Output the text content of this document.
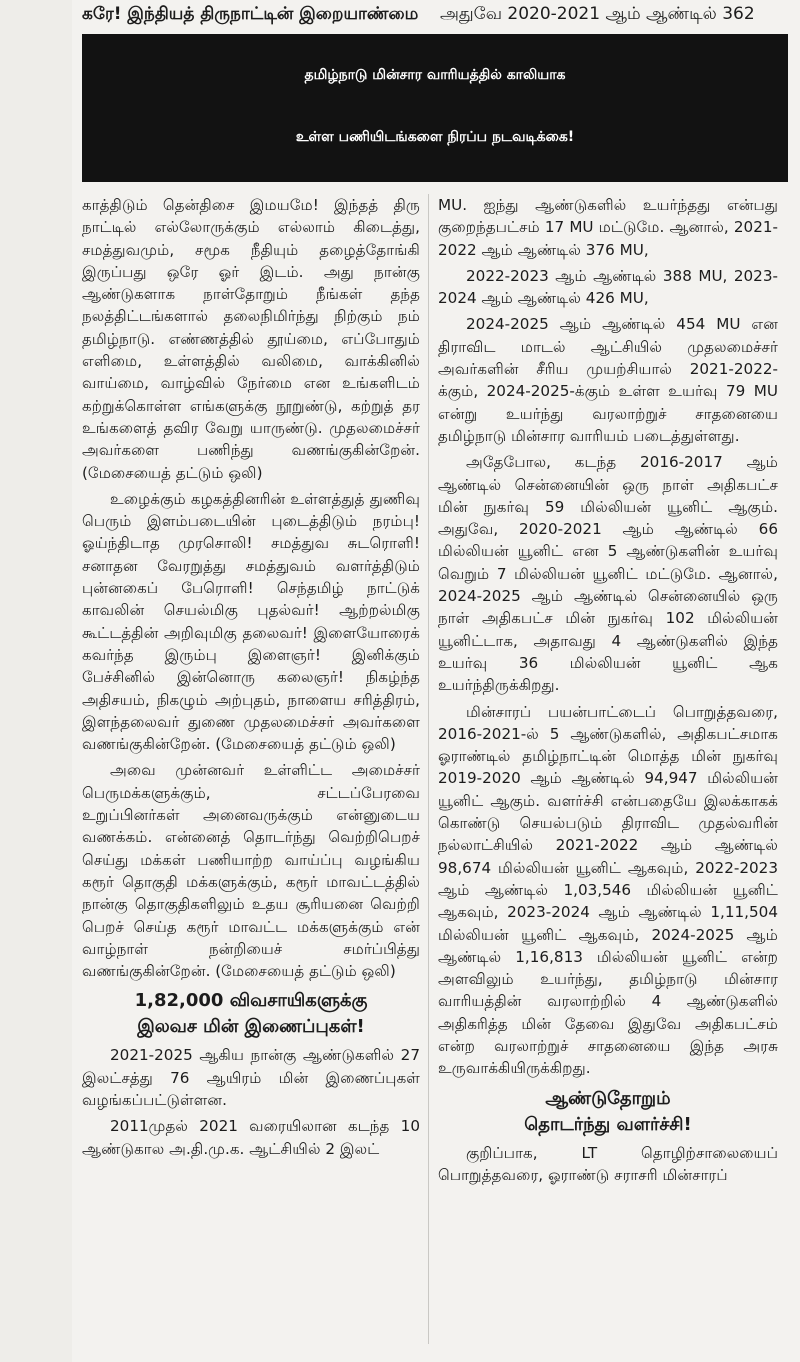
கரே! இந்தியத் திருநாட்டின் இறையாண்மை அதுவே 2020-2021 ஆம் ஆண்டில் 362
தமிழ்நாடு மின்சார வாரியத்தில் காலியாக
உள்ள பணியிடங்களை நிரப்ப நடவடிக்கை!

காத்திடும் தென்திசை இமயமே! இந்தத் திரு நாட்டில் எல்லோருக்கும் எல்லாம் கிடைத்து, சமத்துவமும், சமூக நீதியும் தழைத்தோங்கி இருப்பது ஒரே ஓர் இடம். அது நான்கு ஆண்டுகளாக நாள்தோறும் நீங்கள் தந்த நலத்திட்டங்களால் தலைநிமிர்ந்து நிற்கும் நம் தமிழ்நாடு. எண்ணத்தில் தூய்மை, எப்போதும் எளிமை, உள்ளத்தில் வலிமை, வாக்கினில் வாய்மை, வாழ்வில் நேர்மை என உங்களிடம் கற்றுக்கொள்ள எங்களுக்கு நூறுண்டு, கற்றுத் தர உங்களைத் தவிர வேறு யாருண்டு. முதலமைச்சர் அவர்களை பணிந்து வணங்குகின்றேன். (மேசையைத் தட்டும் ஒலி)

உழைக்கும் கழகத்தினரின் உள்ளத்துத் துணிவு பெரும் இளம்படையின் புடைத்திடும் நரம்பு! ஓய்ந்திடாத முரசொலி! சமத்துவ சுடரொளி! சனாதன வேரறுத்து சமத்துவம் வளர்த்திடும் புன்னகைப் பேரொளி! செந்தமிழ் நாட்டுக் காவலின் செயல்மிகு புதல்வர்! ஆற்றல்மிகு கூட்டத்தின் அறிவுமிகு தலைவர்! இளையோரைக் கவர்ந்த இரும்பு இளைஞர்! இனிக்கும் பேச்சினில் இன்னொரு கலைஞர்! நிகழ்ந்த அதிசயம், நிகழும் அற்புதம், நாளைய சரித்திரம், இளந்தலைவர் துணை முதலமைச்சர் அவர்களை வணங்குகின்றேன். (மேசையைத் தட்டும் ஒலி)

அவை முன்னவர் உள்ளிட்ட அமைச்சர் பெருமக்களுக்கும், சட்டப்பேரவை உறுப்பினர்கள் அனைவருக்கும் என்னுடைய வணக்கம். என்னைத் தொடர்ந்து வெற்றிபெறச் செய்து மக்கள் பணியாற்ற வாய்ப்பு வழங்கிய கரூர் தொகுதி மக்களுக்கும், கரூர் மாவட்டத்தில் நான்கு தொகுதிகளிலும் உதய சூரியனை வெற்றி பெறச் செய்த கரூர் மாவட்ட மக்களுக்கும் என் வாழ்நாள் நன்றியைச் சமர்ப்பித்து வணங்குகின்றேன். (மேசையைத் தட்டும் ஒலி)

1,82,000 விவசாயிகளுக்கு
இலவச மின் இணைப்புகள்!

2021-2025 ஆகிய நான்கு ஆண்டுகளில் 27 இலட்சத்து 76 ஆயிரம் மின் இணைப்புகள் வழங்கப்பட்டுள்ளன.

2011முதல் 2021 வரையிலான கடந்த 10 ஆண்டுகால அ.தி.மு.க. ஆட்சியில் 2 இலட்

MU. ஐந்து ஆண்டுகளில் உயர்ந்தது என்பது குறைந்தபட்சம் 17 MU மட்டுமே. ஆனால், 2021-2022 ஆம் ஆண்டில் 376 MU,

2022-2023 ஆம் ஆண்டில் 388 MU, 2023-2024 ஆம் ஆண்டில் 426 MU,

2024-2025 ஆம் ஆண்டில் 454 MU என திராவிட மாடல் ஆட்சியில் முதலமைச்சர் அவர்களின் சீரிய முயற்சியால் 2021-2022-க்கும், 2024-2025-க்கும் உள்ள உயர்வு 79 MU என்று உயர்ந்து வரலாற்றுச் சாதனையை தமிழ்நாடு மின்சார வாரியம் படைத்துள்ளது.

அதேபோல, கடந்த 2016-2017 ஆம் ஆண்டில் சென்னையின் ஒரு நாள் அதிகபட்ச மின் நுகர்வு 59 மில்லியன் யூனிட் ஆகும். அதுவே, 2020-2021 ஆம் ஆண்டில் 66 மில்லியன் யூனிட் என 5 ஆண்டுகளின் உயர்வு வெறும் 7 மில்லியன் யூனிட் மட்டுமே. ஆனால், 2024-2025 ஆம் ஆண்டில் சென்னையில் ஒரு நாள் அதிகபட்ச மின் நுகர்வு 102 மில்லியன் யூனிட்டாக, அதாவது 4 ஆண்டுகளில் இந்த உயர்வு 36 மில்லியன் யூனிட் ஆக உயர்ந்திருக்கிறது.

மின்சாரப் பயன்பாட்டைப் பொறுத்தவரை, 2016-2021-ல் 5 ஆண்டுகளில், அதிகபட்சமாக ஓராண்டில் தமிழ்நாட்டின் மொத்த மின் நுகர்வு 2019-2020 ஆம் ஆண்டில் 94,947 மில்லியன் யூனிட் ஆகும். வளர்ச்சி என்பதையே இலக்காகக் கொண்டு செயல்படும் திராவிட முதல்வரின் நல்லாட்சியில் 2021-2022 ஆம் ஆண்டில் 98,674 மில்லியன் யூனிட் ஆகவும், 2022-2023 ஆம் ஆண்டில் 1,03,546 மில்லியன் யூனிட் ஆகவும், 2023-2024 ஆம் ஆண்டில் 1,11,504 மில்லியன் யூனிட் ஆகவும், 2024-2025 ஆம் ஆண்டில் 1,16,813 மில்லியன் யூனிட் என்ற அளவிலும் உயர்ந்து, தமிழ்நாடு மின்சார வாரியத்தின் வரலாற்றில் 4 ஆண்டுகளில் அதிகரித்த மின் தேவை இதுவே அதிகபட்சம் என்ற வரலாற்றுச் சாதனையை இந்த அரசு உருவாக்கியிருக்கிறது.

ஆண்டுதோறும்
தொடர்ந்து வளர்ச்சி!

குறிப்பாக, LT தொழிற்சாலையைப் பொறுத்தவரை, ஓராண்டு சராசரி மின்சாரப்
